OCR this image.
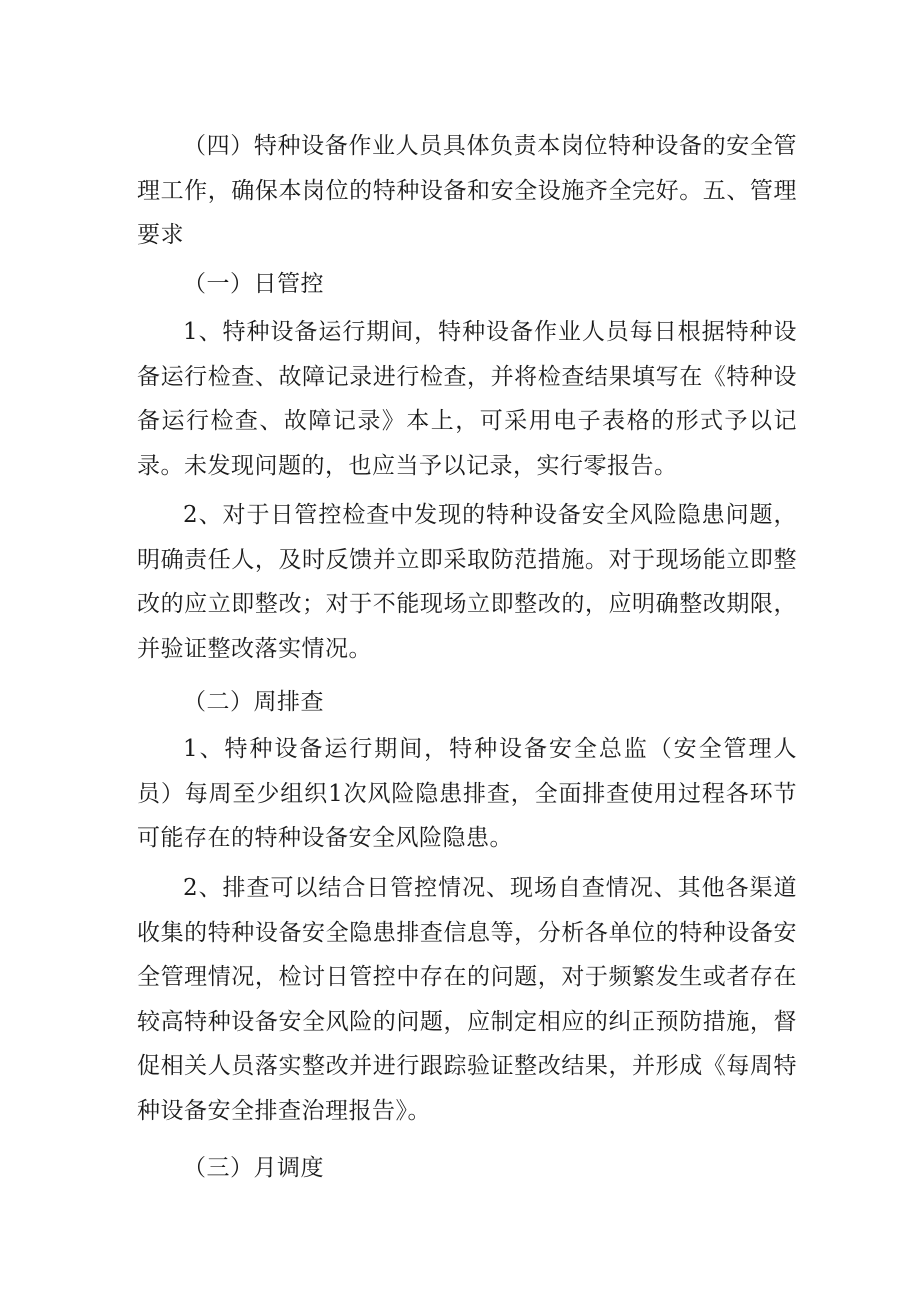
（四）特种设备作业人员具体负责本岗位特种设备的安全管理工作，确保本岗位的特种设备和安全设施齐全完好。五、管理要求

（一）日管控

1、特种设备运行期间，特种设备作业人员每日根据特种设备运行检查、故障记录进行检查，并将检查结果填写在《特种设备运行检查、故障记录》本上，可采用电子表格的形式予以记录。未发现问题的，也应当予以记录，实行零报告。

2、对于日管控检查中发现的特种设备安全风险隐患问题，明确责任人，及时反馈并立即采取防范措施。对于现场能立即整改的应立即整改；对于不能现场立即整改的，应明确整改期限，并验证整改落实情况。

（二）周排查

1、特种设备运行期间，特种设备安全总监（安全管理人员）每周至少组织1次风险隐患排查，全面排查使用过程各环节可能存在的特种设备安全风险隐患。

2、排查可以结合日管控情况、现场自查情况、其他各渠道收集的特种设备安全隐患排查信息等，分析各单位的特种设备安全管理情况，检讨日管控中存在的问题，对于频繁发生或者存在较高特种设备安全风险的问题，应制定相应的纠正预防措施，督促相关人员落实整改并进行跟踪验证整改结果，并形成《每周特种设备安全排查治理报告》。

（三）月调度
